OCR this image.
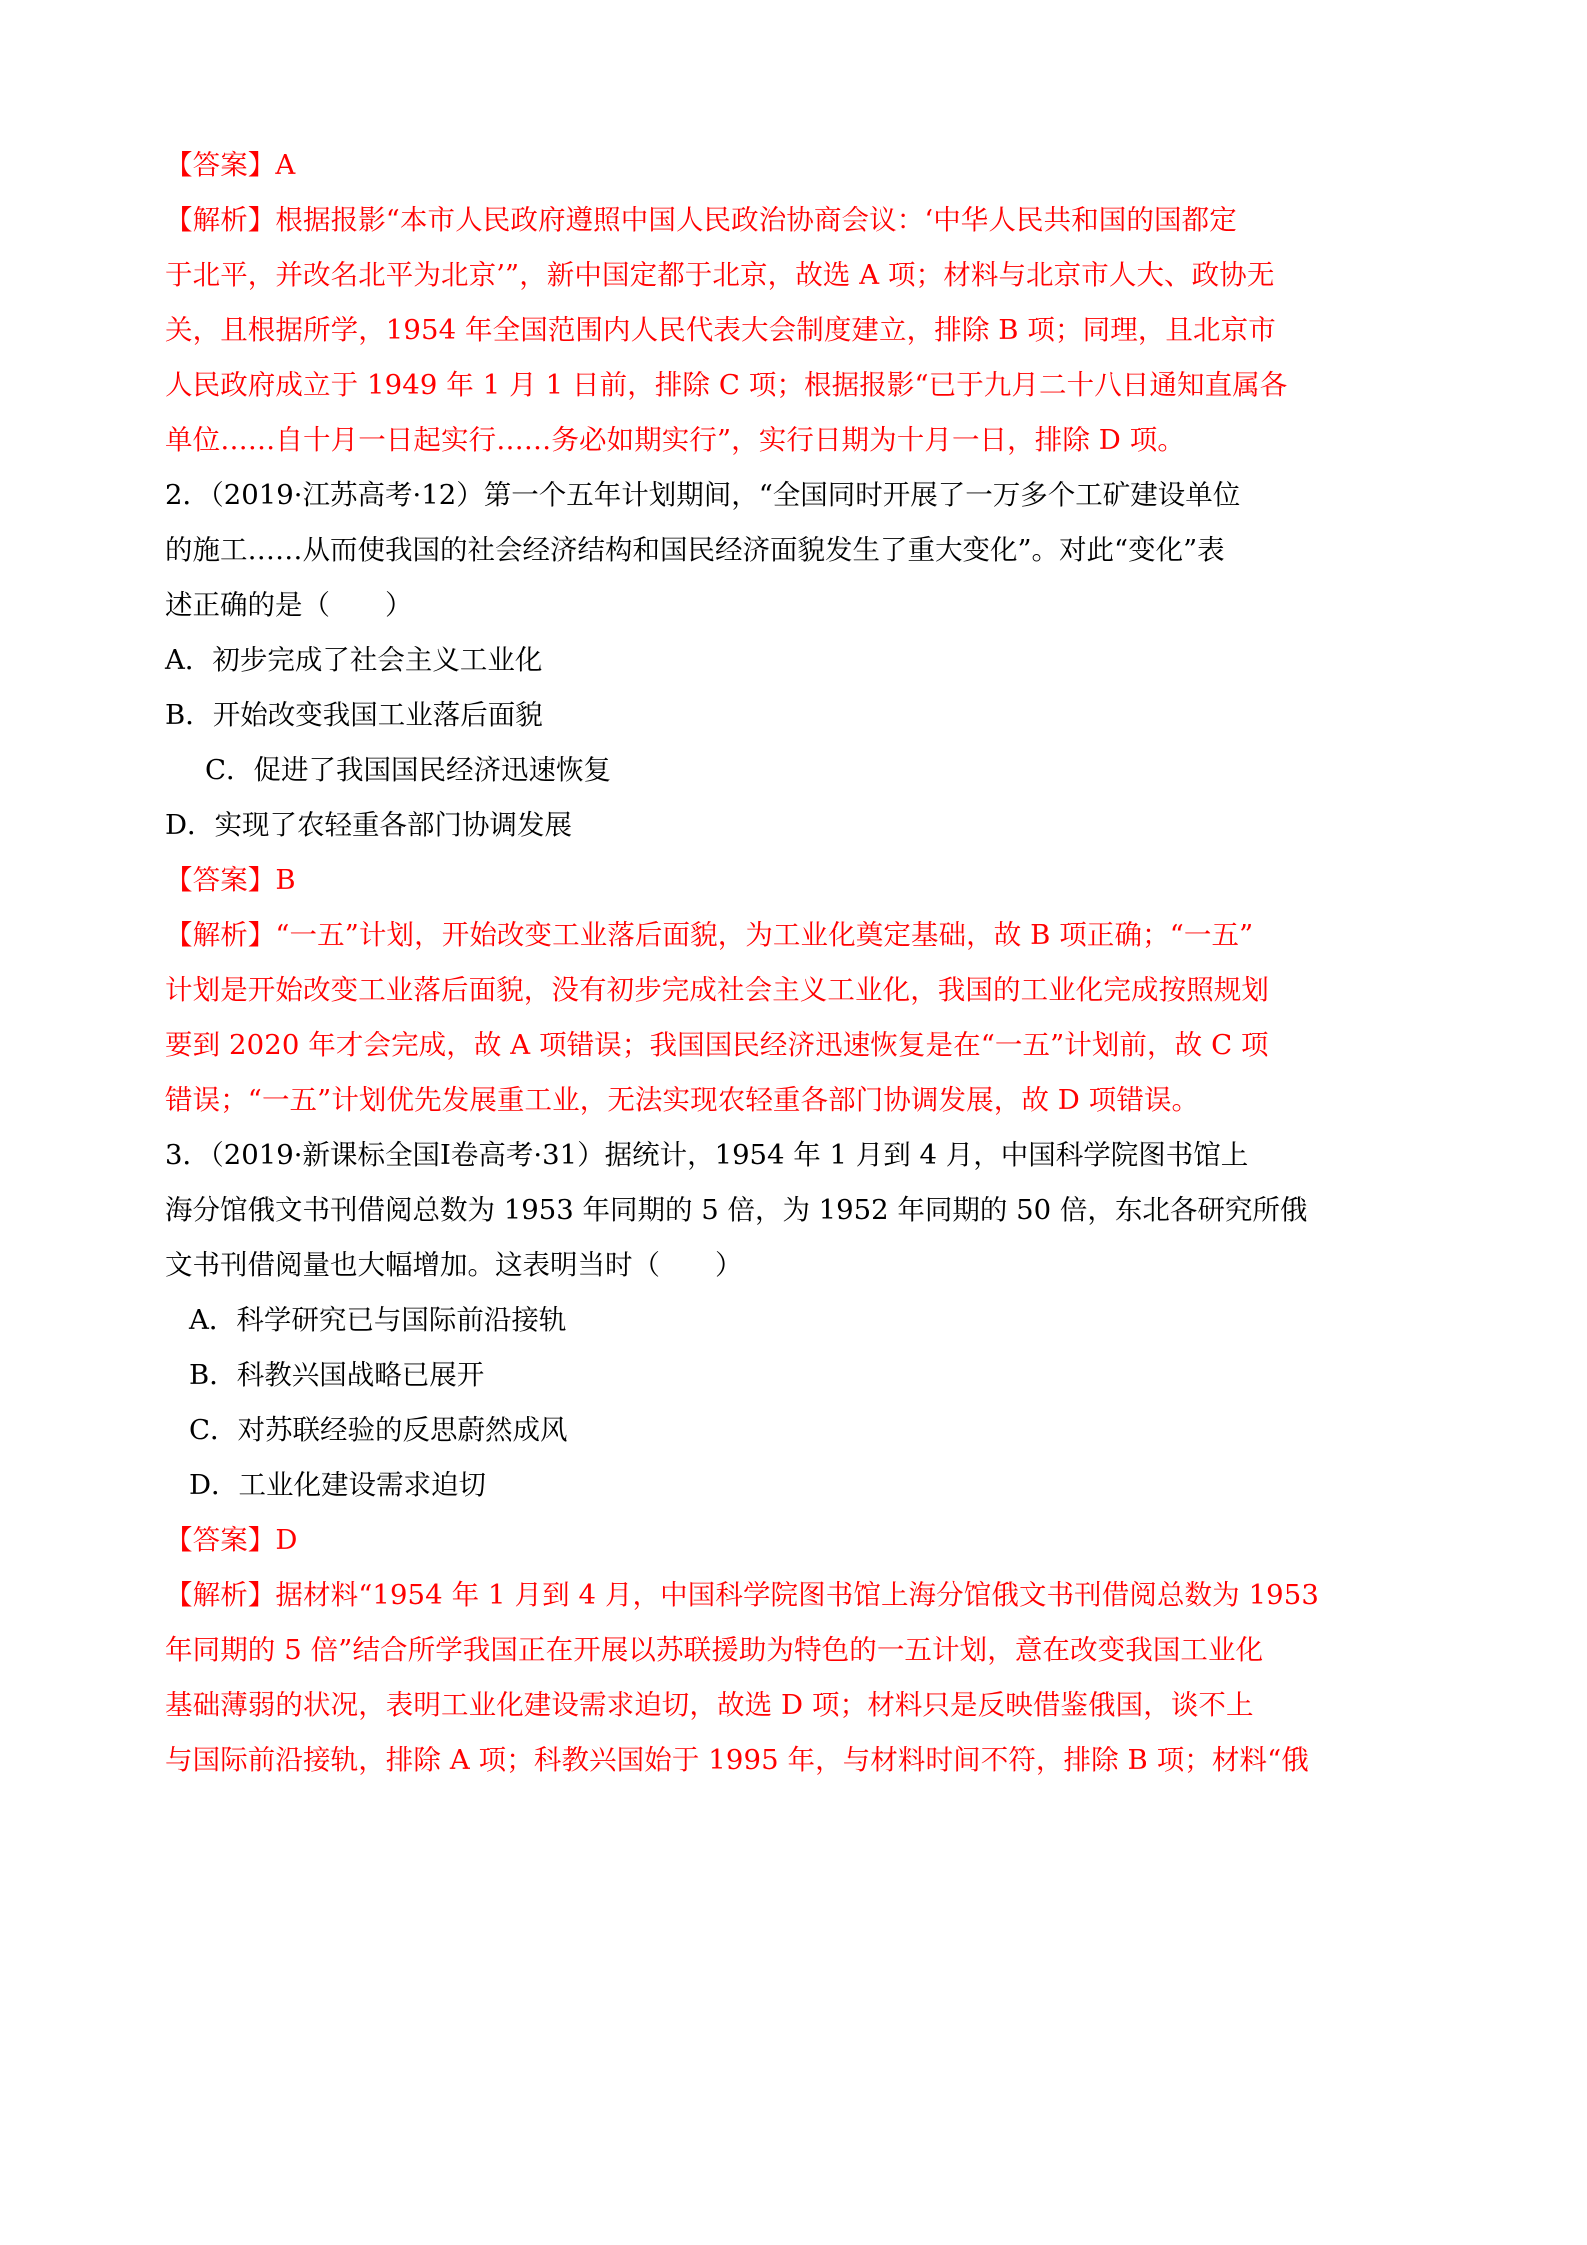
【答案】A

【解析】根据报影“本市人民政府遵照中国人民政治协商会议：‘中华人民共和国的国都定

于北平，并改名北平为北京’”，新中国定都于北京，故选 A 项；材料与北京市人大、政协无

关，且根据所学，1954 年全国范围内人民代表大会制度建立，排除 B 项；同理，且北京市

人民政府成立于 1949 年 1 月 1 日前，排除 C 项；根据报影“已于九月二十八日通知直属各

单位……自十月一日起实行……务必如期实行”，实行日期为十月一日，排除 D 项。

2．（2019·江苏高考·12）第一个五年计划期间，“全国同时开展了一万多个工矿建设单位

的施工……从而使我国的社会经济结构和国民经济面貌发生了重大变化”。对此“变化”表

述正确的是（　　）

A．初步完成了社会主义工业化

B．开始改变我国工业落后面貌

C．促进了我国国民经济迅速恢复

D．实现了农轻重各部门协调发展

【答案】B

【解析】“一五”计划，开始改变工业落后面貌，为工业化奠定基础，故 B 项正确；“一五”

计划是开始改变工业落后面貌，没有初步完成社会主义工业化，我国的工业化完成按照规划

要到 2020 年才会完成，故 A 项错误；我国国民经济迅速恢复是在“一五”计划前，故 C 项

错误；“一五”计划优先发展重工业，无法实现农轻重各部门协调发展，故 D 项错误。

3．（2019·新课标全国Ⅰ卷高考·31）据统计，1954 年 1 月到 4 月，中国科学院图书馆上

海分馆俄文书刊借阅总数为 1953 年同期的 5 倍，为 1952 年同期的 50 倍，东北各研究所俄

文书刊借阅量也大幅增加。这表明当时（　　）

A．科学研究已与国际前沿接轨

B．科教兴国战略已展开

C．对苏联经验的反思蔚然成风

D．工业化建设需求迫切

【答案】D

【解析】据材料“1954 年 1 月到 4 月，中国科学院图书馆上海分馆俄文书刊借阅总数为 1953

年同期的 5 倍”结合所学我国正在开展以苏联援助为特色的一五计划，意在改变我国工业化

基础薄弱的状况，表明工业化建设需求迫切，故选 D 项；材料只是反映借鉴俄国，谈不上

与国际前沿接轨，排除 A 项；科教兴国始于 1995 年，与材料时间不符，排除 B 项；材料“俄
